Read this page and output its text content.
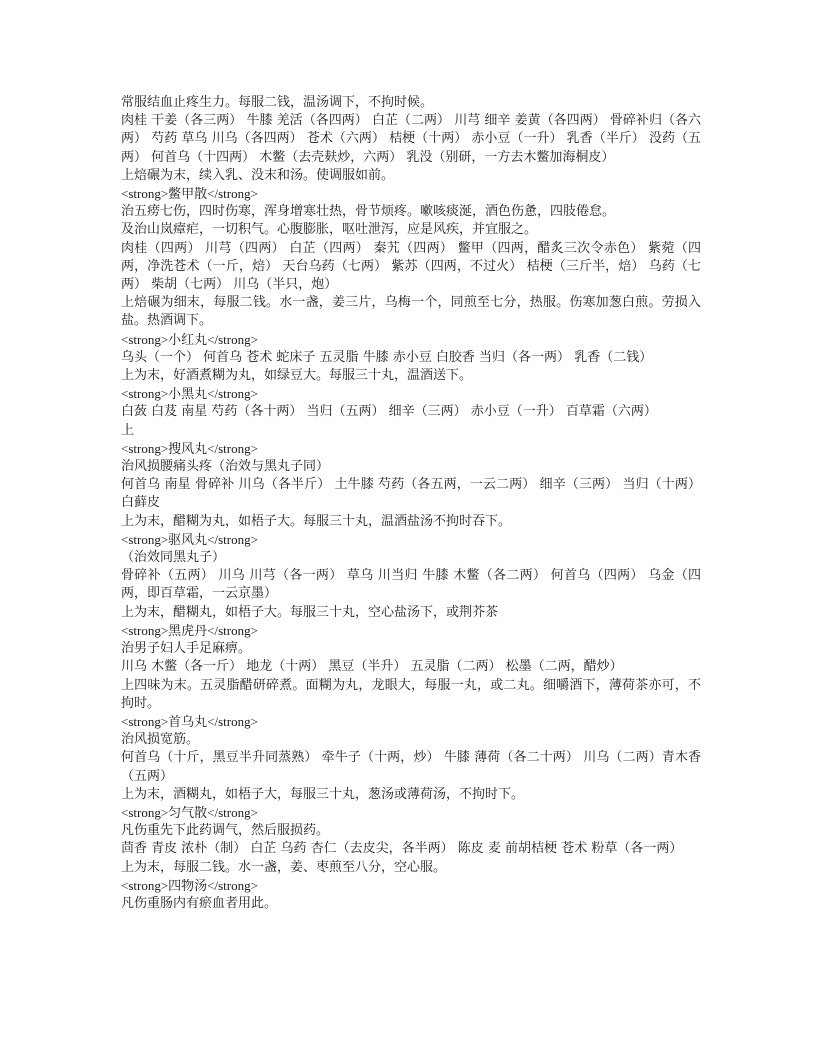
常服结血止疼生力。每服二钱，温汤调下，不拘时候。

肉桂 干姜（各三两） 牛膝 羌活（各四两） 白芷（二两） 川芎 细辛 姜黄（各四两） 骨碎补归（各六两） 芍药 草乌 川乌（各四两） 苍术（六两） 桔梗（十两） 赤小豆（一升） 乳香（半斤） 没药（五两） 何首乌（十四两） 木鳖（去壳麸炒，六两） 乳没（别研，一方去木鳖加海桐皮）

上焙碾为末，续入乳、没末和汤。使调服如前。

<strong>鳖甲散</strong>

治五痨七伤，四时伤寒，浑身增寒壮热，骨节烦疼。嗽咳痰涎，酒色伤惫，四肢倦怠。

及治山岚瘴疟，一切积气。心腹膨胀，呕吐泄泻，应是风疾，并宜服之。

肉桂（四两） 川芎（四两） 白芷（四两） 秦艽（四两） 鳖甲（四两，醋炙三次令赤色） 紫菀（四两，净洗苍术（一斤，焙） 天台乌药（七两） 紫苏（四两，不过火） 桔梗（三斤半，焙） 乌药（七两） 柴胡（七两） 川乌（半只，炮）

上焙碾为细末，每服二钱。水一盏，姜三片，乌梅一个，同煎至七分，热服。伤寒加葱白煎。劳损入盐。热酒调下。

<strong>小红丸</strong>

乌头（一个） 何首乌 苍术 蛇床子 五灵脂 牛膝 赤小豆 白胶香 当归（各一两） 乳香（二钱）

上为末，好酒煮糊为丸，如绿豆大。每服三十丸，温酒送下。

<strong>小黑丸</strong>

白蔹 白芨 南星 芍药（各十两） 当归（五两） 细辛（三两） 赤小豆（一升） 百草霜（六两）

上

<strong>搜风丸</strong>

治风损腰痛头疼（治效与黑丸子同）

何首乌 南星 骨碎补 川乌（各半斤） 土牛膝 芍药（各五两，一云二两） 细辛（三两） 当归（十两） 白藓皮

上为末，醋糊为丸，如梧子大。每服三十丸，温酒盐汤不拘时吞下。

<strong>驱风丸</strong>

（治效同黑丸子）

骨碎补（五两） 川乌 川芎（各一两） 草乌 川当归 牛膝 木鳖（各二两） 何首乌（四两） 乌金（四两，即百草霜，一云京墨）

上为末，醋糊丸，如梧子大。每服三十丸，空心盐汤下，或荆芥茶

<strong>黑虎丹</strong>

治男子妇人手足麻痹。

川乌 木鳖（各一斤） 地龙（十两） 黑豆（半升） 五灵脂（二两） 松墨（二两，醋炒）

上四味为末。五灵脂醋研碎煮。面糊为丸，龙眼大，每服一丸，或二丸。细嚼酒下，薄荷茶亦可，不拘时。

<strong>首乌丸</strong>

治风损宽筋。

何首乌（十斤，黑豆半升同蒸熟） 牵牛子（十两，炒） 牛膝 薄荷（各二十两） 川乌（二两）青木香（五两）

上为末，酒糊丸，如梧子大，每服三十丸，葱汤或薄荷汤，不拘时下。

<strong>匀气散</strong>

凡伤重先下此药调气，然后服损药。

茴香 青皮 浓朴（制） 白芷 乌药 杏仁（去皮尖，各半两） 陈皮 麦 前胡桔梗 苍术 粉草（各一两）

上为末，每服二钱。水一盏，姜、枣煎至八分，空心服。

<strong>四物汤</strong>

凡伤重肠内有瘀血者用此。
